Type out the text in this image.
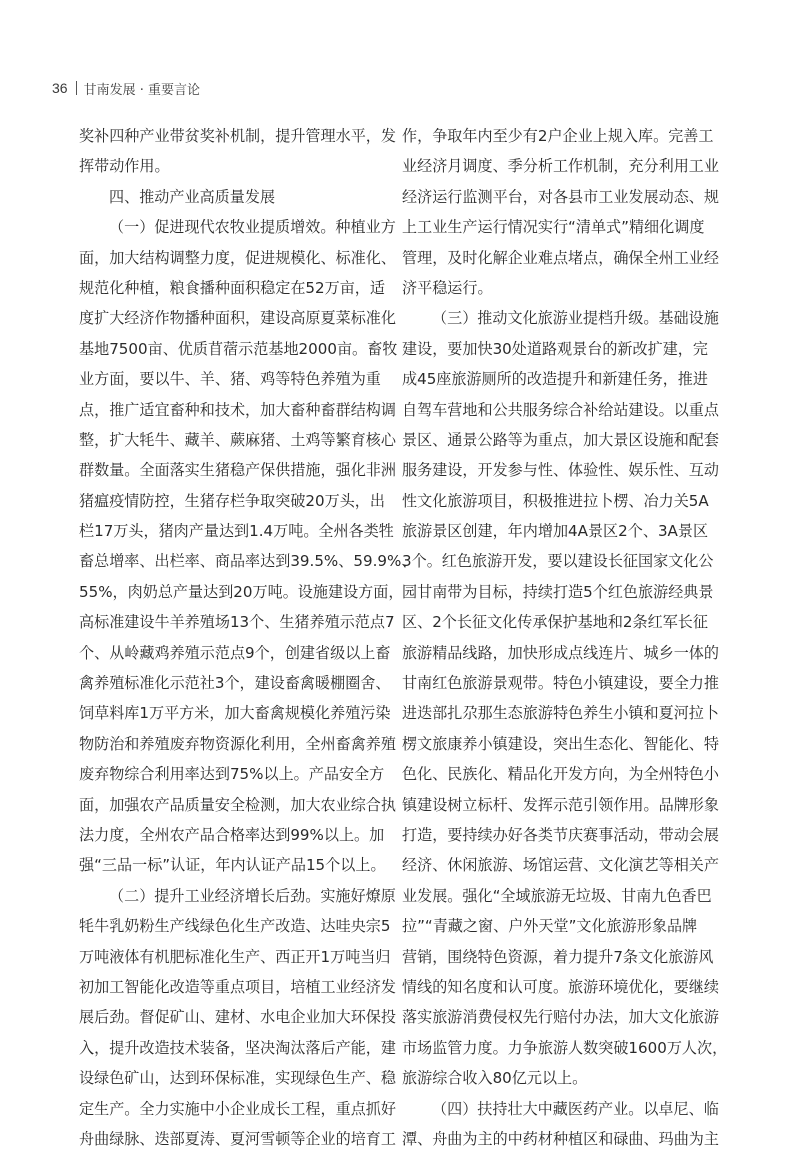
36 甘南发展 · 重要言论
奖补四种产业带贫奖补机制，提升管理水平，发
挥带动作用。
四、推动产业高质量发展
（一）促进现代农牧业提质增效。种植业方
面，加大结构调整力度，促进规模化、标准化、
规范化种植，粮食播种面积稳定在52万亩，适
度扩大经济作物播种面积，建设高原夏菜标准化
基地7500亩、优质苜蓿示范基地2000亩。畜牧
业方面，要以牛、羊、猪、鸡等特色养殖为重
点，推广适宜畜种和技术，加大畜种畜群结构调
整，扩大牦牛、藏羊、蕨麻猪、土鸡等繁育核心
群数量。全面落实生猪稳产保供措施，强化非洲
猪瘟疫情防控，生猪存栏争取突破20万头，出
栏17万头，猪肉产量达到1.4万吨。全州各类牲
畜总增率、出栏率、商品率达到39.5%、59.9%、
55%，肉奶总产量达到20万吨。设施建设方面，
高标准建设牛羊养殖场13个、生猪养殖示范点7
个、从岭藏鸡养殖示范点9个，创建省级以上畜
禽养殖标准化示范社3个，建设畜禽暖棚圈舍、
饲草料库1万平方米，加大畜禽规模化养殖污染
物防治和养殖废弃物资源化利用，全州畜禽养殖
废弃物综合利用率达到75%以上。产品安全方
面，加强农产品质量安全检测，加大农业综合执
法力度，全州农产品合格率达到99%以上。加
强“三品一标”认证，年内认证产品15个以上。
（二）提升工业经济增长后劲。实施好燎原
牦牛乳奶粉生产线绿色化生产改造、达哇央宗5
万吨液体有机肥标准化生产、西正开1万吨当归
初加工智能化改造等重点项目，培植工业经济发
展后劲。督促矿山、建材、水电企业加大环保投
入，提升改造技术装备，坚决淘汰落后产能，建
设绿色矿山，达到环保标准，实现绿色生产、稳
定生产。全力实施中小企业成长工程，重点抓好
舟曲绿脉、迭部夏涛、夏河雪顿等企业的培育工
作，争取年内至少有2户企业上规入库。完善工
业经济月调度、季分析工作机制，充分利用工业
经济运行监测平台，对各县市工业发展动态、规
上工业生产运行情况实行“清单式”精细化调度
管理，及时化解企业难点堵点，确保全州工业经
济平稳运行。
（三）推动文化旅游业提档升级。基础设施
建设，要加快30处道路观景台的新改扩建，完
成45座旅游厕所的改造提升和新建任务，推进
自驾车营地和公共服务综合补给站建设。以重点
景区、通景公路等为重点，加大景区设施和配套
服务建设，开发参与性、体验性、娱乐性、互动
性文化旅游项目，积极推进拉卜楞、冶力关5A
旅游景区创建，年内增加4A景区2个、3A景区
3个。红色旅游开发，要以建设长征国家文化公
园甘南带为目标，持续打造5个红色旅游经典景
区、2个长征文化传承保护基地和2条红军长征
旅游精品线路，加快形成点线连片、城乡一体的
甘南红色旅游景观带。特色小镇建设，要全力推
进迭部扎尕那生态旅游特色养生小镇和夏河拉卜
楞文旅康养小镇建设，突出生态化、智能化、特
色化、民族化、精品化开发方向，为全州特色小
镇建设树立标杆、发挥示范引领作用。品牌形象
打造，要持续办好各类节庆赛事活动，带动会展
经济、休闲旅游、场馆运营、文化演艺等相关产
业发展。强化“全域旅游无垃圾、甘南九色香巴
拉”“青藏之窗、户外天堂”文化旅游形象品牌
营销，围绕特色资源，着力提升7条文化旅游风
情线的知名度和认可度。旅游环境优化，要继续
落实旅游消费侵权先行赔付办法，加大文化旅游
市场监管力度。力争旅游人数突破1600万人次，
旅游综合收入80亿元以上。
（四）扶持壮大中藏医药产业。以卓尼、临
潭、舟曲为主的中药材种植区和碌曲、玛曲为主
